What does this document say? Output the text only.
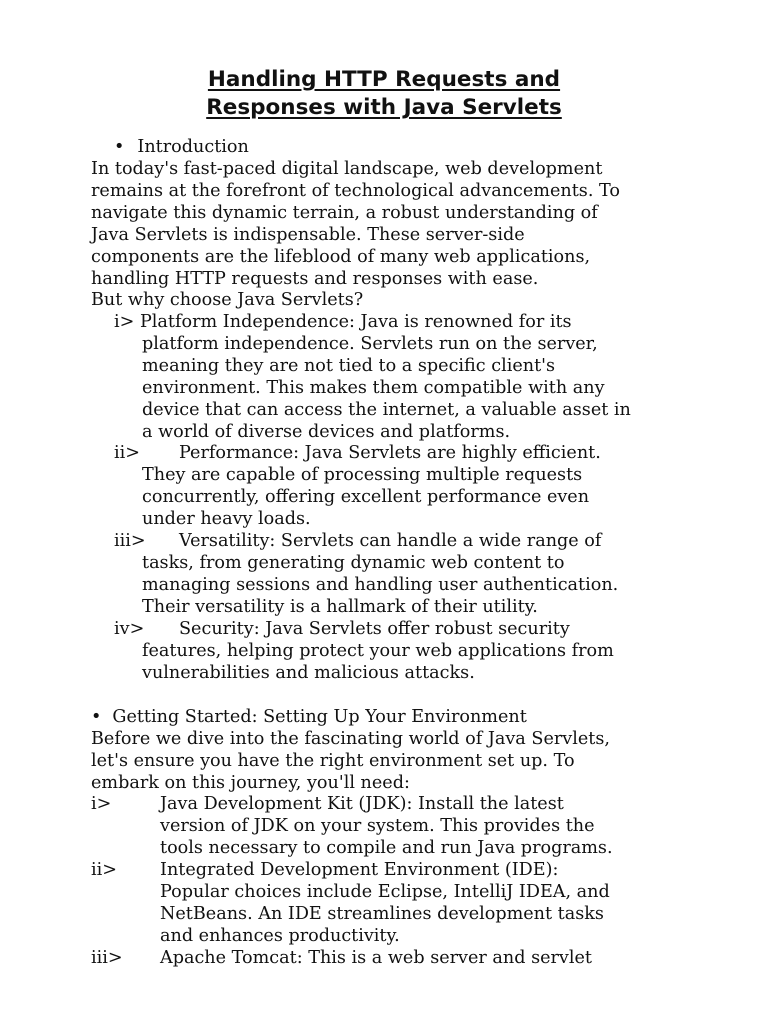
Handling HTTP Requests and
Responses with Java Servlets
• Introduction
In today's fast-paced digital landscape, web development
remains at the forefront of technological advancements. To
navigate this dynamic terrain, a robust understanding of
Java Servlets is indispensable. These server-side
components are the lifeblood of many web applications,
handling HTTP requests and responses with ease.
But why choose Java Servlets?
i> Platform Independence: Java is renowned for its
platform independence. Servlets run on the server,
meaning they are not tied to a specific client's
environment. This makes them compatible with any
device that can access the internet, a valuable asset in
a world of diverse devices and platforms.
ii> Performance: Java Servlets are highly efficient.
They are capable of processing multiple requests
concurrently, offering excellent performance even
under heavy loads.
iii> Versatility: Servlets can handle a wide range of
tasks, from generating dynamic web content to
managing sessions and handling user authentication.
Their versatility is a hallmark of their utility.
iv> Security: Java Servlets offer robust security
features, helping protect your web applications from
vulnerabilities and malicious attacks.
• Getting Started: Setting Up Your Environment
Before we dive into the fascinating world of Java Servlets,
let's ensure you have the right environment set up. To
embark on this journey, you'll need:
i>	Java Development Kit (JDK): Install the latest
version of JDK on your system. This provides the
tools necessary to compile and run Java programs.
ii> Integrated Development Environment (IDE):
Popular choices include Eclipse, IntelliJ IDEA, and
NetBeans. An IDE streamlines development tasks
and enhances productivity.
iii> Apache Tomcat: This is a web server and servlet
